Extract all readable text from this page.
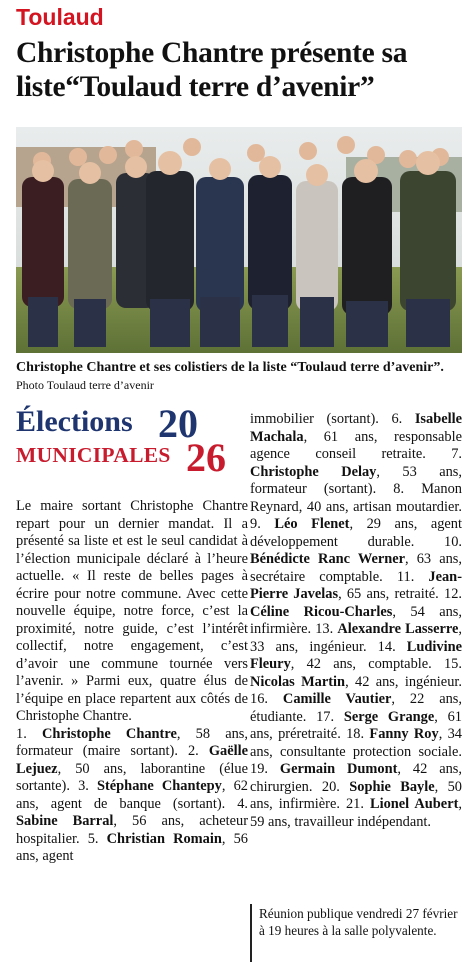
Toulaud
Christophe Chantre présente sa liste“Toulaud terre d’avenir”
Christophe Chantre et ses colistiers de la liste “Toulaud terre d’avenir”. Photo Toulaud terre d’avenir
Élections
MUNICIPALES
20
26

Le maire sortant Christophe Chantre repart pour un dernier mandat. Il a présenté sa liste et est le seul candidat à l’élection municipale déclaré à l’heure actuelle. « Il reste de belles pages à écrire pour notre commune. Avec cette nouvelle équipe, notre force, c’est la proximité, notre guide, c’est l’intérêt collectif, notre engagement, c’est d’avoir une commune tournée vers l’avenir. » Parmi eux, quatre élus de l’équipe en place repartent aux côtés de Christophe Chantre.

1. Christophe Chantre, 58 ans, formateur (maire sortant). 2. Gaëlle Lejuez, 50 ans, laborantine (élue sortante). 3. Stéphane Chantepy, 62 ans, agent de banque (sortant). 4. Sabine Barral, 56 ans, acheteur hospitalier. 5. Christian Romain, 56 ans, agent

immobilier (sortant). 6. Isabelle Machala, 61 ans, responsable agence conseil retraite. 7. Christophe Delay, 53 ans, formateur (sortant). 8. Manon Reynard, 40 ans, artisan moutardier. 9. Léo Flenet, 29 ans, agent développement durable. 10. Bénédicte Ranc Werner, 63 ans, secrétaire comptable. 11. Jean-Pierre Javelas, 65 ans, retraité. 12. Céline Ricou-Charles, 54 ans, infirmière. 13. Alexandre Lasserre, 33 ans, ingénieur. 14. Ludivine Fleury, 42 ans, comptable. 15. Nicolas Martin, 42 ans, ingénieur. 16. Camille Vautier, 22 ans, étudiante. 17. Serge Grange, 61 ans, préretraité. 18. Fanny Roy, 34 ans, consultante protection sociale. 19. Germain Dumont, 42 ans, chirurgien. 20. Sophie Bayle, 50 ans, infirmière. 21. Lionel Aubert, 59 ans, travailleur indépendant.

Réunion publique vendredi 27 février à 19 heures à la salle polyvalente.
